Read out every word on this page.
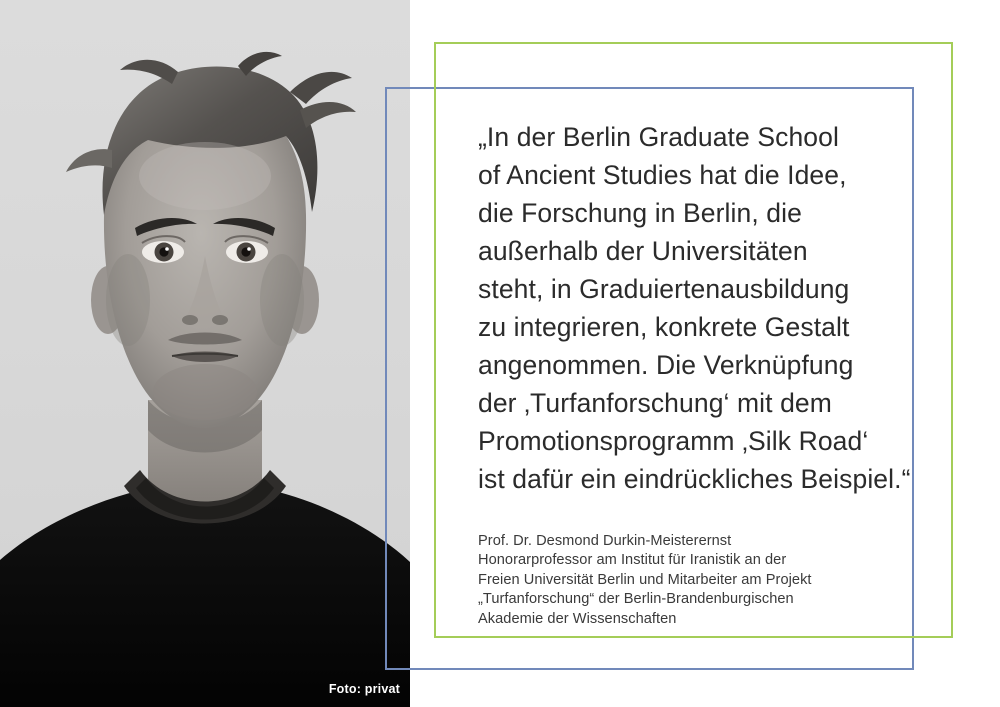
Foto: privat
„In der Berlin Graduate School
of Ancient Studies hat die Idee,
die Forschung in Berlin, die
außerhalb der Universitäten
steht, in Graduiertenausbildung
zu integrieren, konkrete Gestalt
angenommen. Die Verknüpfung
der ‚Turfanforschung‘ mit dem
Promotionsprogramm ‚Silk Road‘
ist dafür ein eindrückliches Beispiel.“
Prof. Dr. Desmond Durkin-Meisterernst
Honorarprofessor am Institut für Iranistik an der
Freien Universität Berlin und Mitarbeiter am Projekt
„Turfanforschung“ der Berlin-Brandenburgischen
Akademie der Wissenschaften
